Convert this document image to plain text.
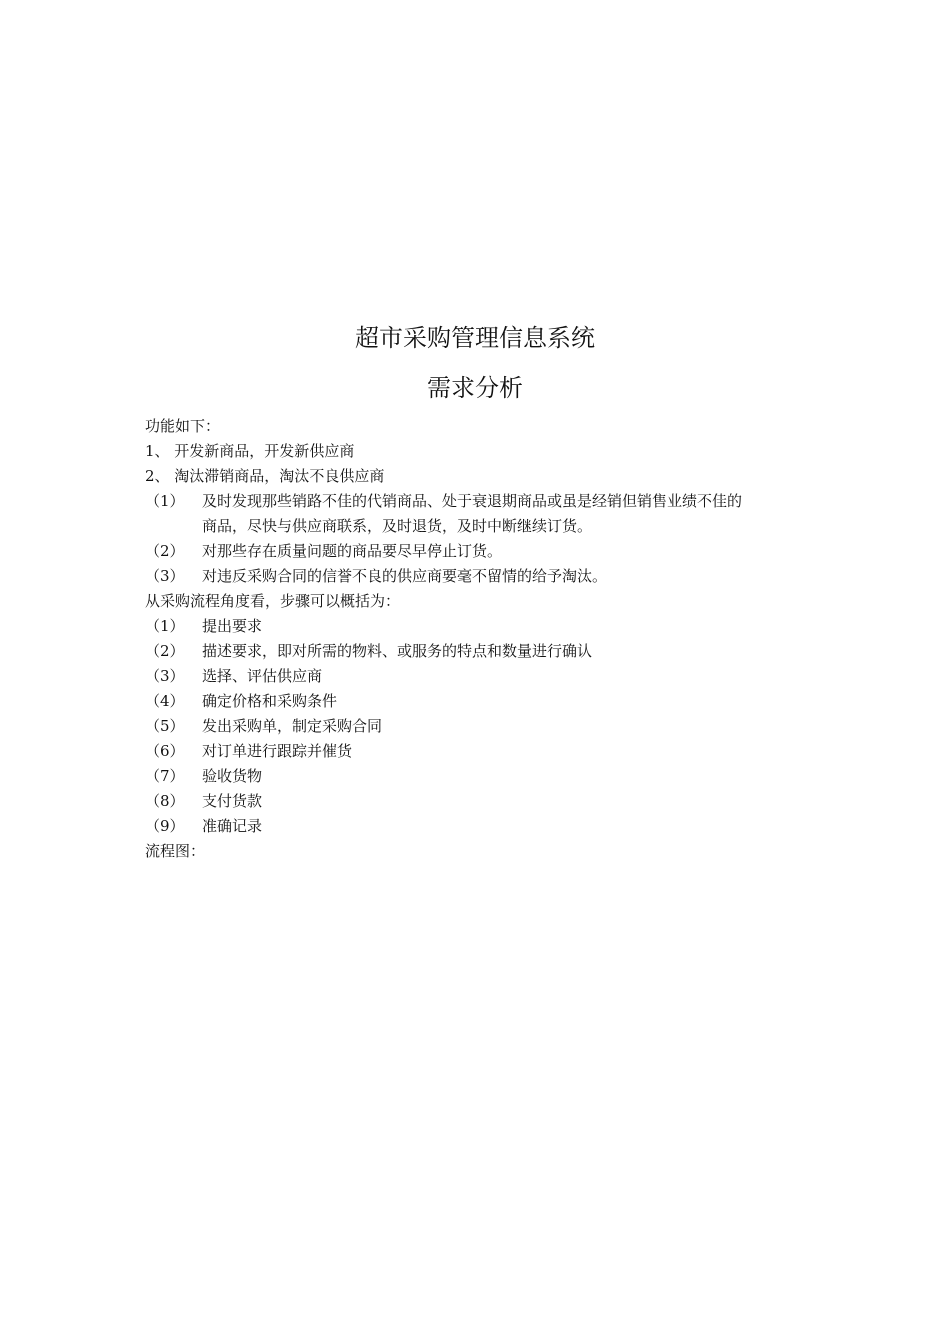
超市采购管理信息系统
需求分析
功能如下：
1、 开发新商品，开发新供应商
2、 淘汰滞销商品，淘汰不良供应商
（1）	及时发现那些销路不佳的代销商品、处于衰退期商品或虽是经销但销售业绩不佳的
商品，尽快与供应商联系，及时退货，及时中断继续订货。
（2）	对那些存在质量问题的商品要尽早停止订货。
（3）	对违反采购合同的信誉不良的供应商要毫不留情的给予淘汰。
从采购流程角度看，步骤可以概括为：
（1）	提出要求
（2）	描述要求，即对所需的物料、或服务的特点和数量进行确认
（3）	选择、评估供应商
（4）	确定价格和采购条件
（5）	发出采购单，制定采购合同
（6）	对订单进行跟踪并催货
（7）	验收货物
（8）	支付货款
（9）	准确记录
流程图：
